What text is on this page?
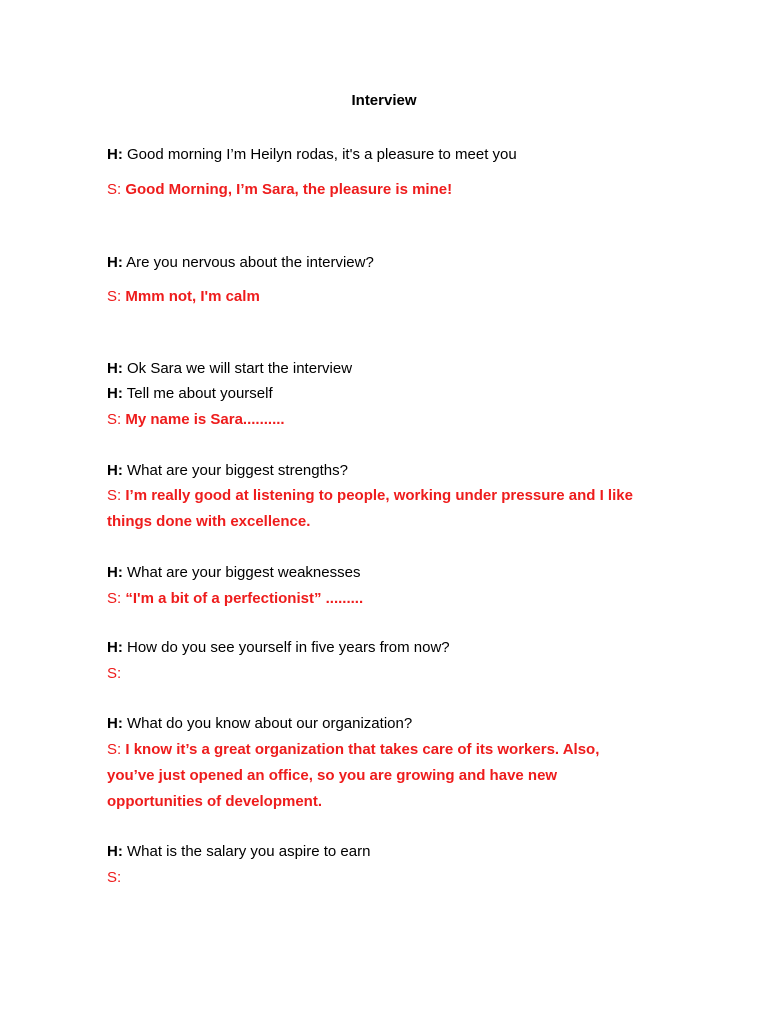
Interview
H: Good morning I’m Heilyn rodas, it's a pleasure to meet you
S: Good Morning, I’m Sara, the pleasure is mine!
H: Are you nervous about the interview?
S: Mmm not, I'm calm
H: Ok Sara we will start the interview
H: Tell me about yourself
S: My name is Sara..........
H: What are your biggest strengths?
S: I’m really good at listening to people, working under pressure and I like things done with excellence.
H: What are your biggest weaknesses
S: “I'm a bit of a perfectionist” .........
H: How do you see yourself in five years from now?
S:
H: What do you know about our organization?
S: I know it’s a great organization that takes care of its workers. Also, you’ve just opened an office, so you are growing and have new opportunities of development.
H: What is the salary you aspire to earn
S:
